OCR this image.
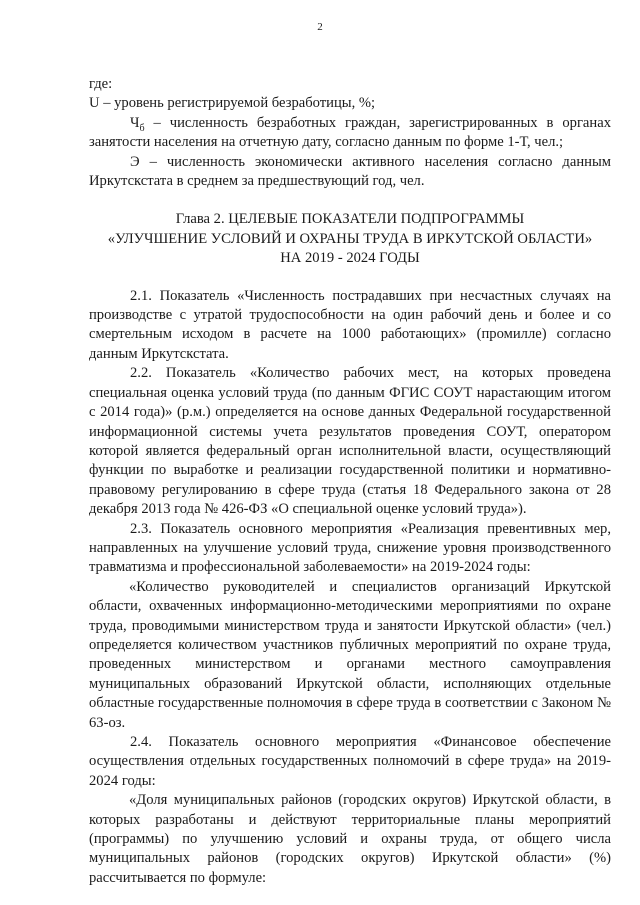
2

где:

U – уровень регистрируемой безработицы, %;

$Ч_б$ – численность безработных граждан, зарегистрированных в органах занятости населения на отчетную дату, согласно данным по форме 1-Т, чел.;

Э – численность экономически активного населения согласно данным Иркутскстата в среднем за предшествующий год, чел.

Глава 2. ЦЕЛЕВЫЕ ПОКАЗАТЕЛИ ПОДПРОГРАММЫ
«УЛУЧШЕНИЕ УСЛОВИЙ И ОХРАНЫ ТРУДА В ИРКУТСКОЙ ОБЛАСТИ»
НА 2019 - 2024 ГОДЫ

2.1. Показатель «Численность пострадавших при несчастных случаях на производстве с утратой трудоспособности на один рабочий день и более и со смертельным исходом в расчете на 1000 работающих» (промилле) согласно данным Иркутскстата.

2.2. Показатель «Количество рабочих мест, на которых проведена специальная оценка условий труда (по данным ФГИС СОУТ нарастающим итогом с 2014 года)» (р.м.) определяется на основе данных Федеральной государственной информационной системы учета результатов проведения СОУТ, оператором которой является федеральный орган исполнительной власти, осуществляющий функции по выработке и реализации государственной политики и нормативно-правовому регулированию в сфере труда (статья 18 Федерального закона от 28 декабря 2013 года № 426-ФЗ «О специальной оценке условий труда»).

2.3. Показатель основного мероприятия «Реализация превентивных мер, направленных на улучшение условий труда, снижение уровня производственного травматизма и профессиональной заболеваемости» на 2019-2024 годы:

«Количество руководителей и специалистов организаций Иркутской области, охваченных информационно-методическими мероприятиями по охране труда, проводимыми министерством труда и занятости Иркутской области» (чел.) определяется количеством участников публичных мероприятий по охране труда, проведенных министерством и органами местного самоуправления муниципальных образований Иркутской области, исполняющих отдельные областные государственные полномочия в сфере труда в соответствии с Законом № 63-оз.

2.4. Показатель основного мероприятия «Финансовое обеспечение осуществления отдельных государственных полномочий в сфере труда» на 2019-2024 годы:

«Доля муниципальных районов (городских округов) Иркутской области, в которых разработаны и действуют территориальные планы мероприятий (программы) по улучшению условий и охраны труда, от общего числа муниципальных районов (городских округов) Иркутской области» (%) рассчитывается по формуле:
